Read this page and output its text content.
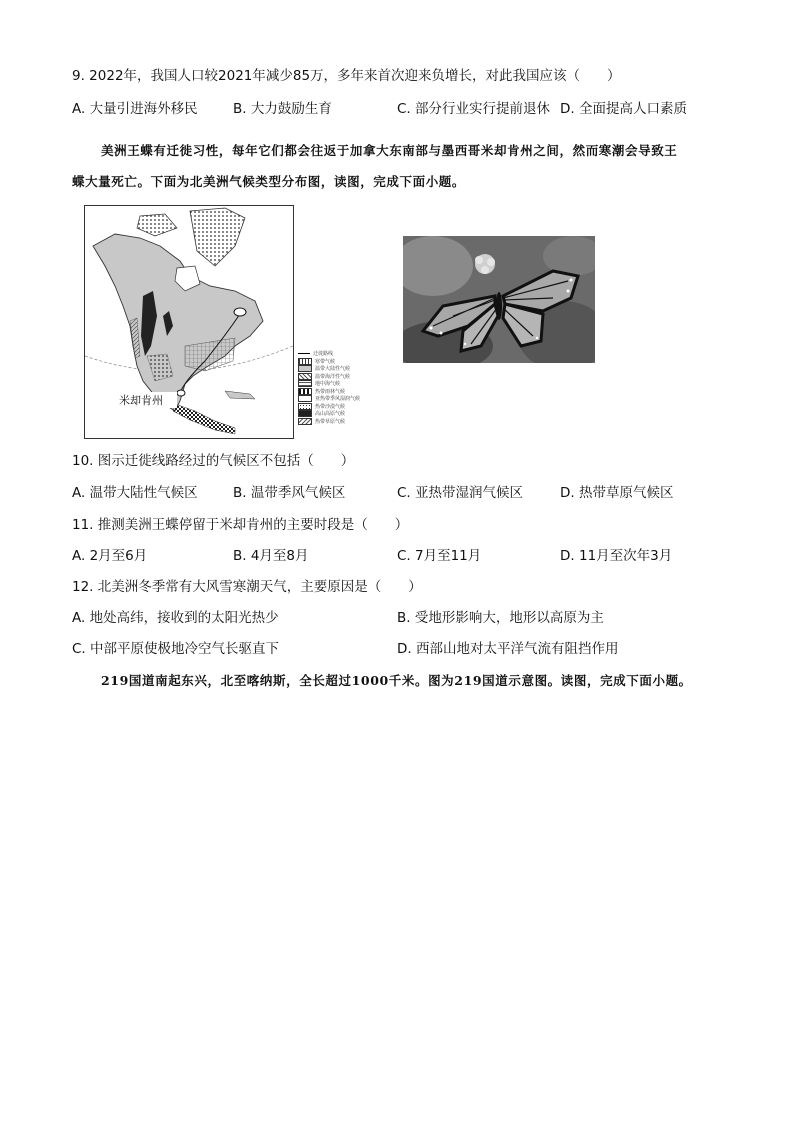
9. 2022年，我国人口较2021年减少85万，多年来首次迎来负增长，对此我国应该（　　）
A. 大量引进海外移民	B. 大力鼓励生育	C. 部分行业实行提前退休 D. 全面提高人口素质
美洲王蝶有迁徙习性，每年它们都会往返于加拿大东南部与墨西哥米却肯州之间，然而寒潮会导致王
蝶大量死亡。下面为北美洲气候类型分布图，读图，完成下面小题。
米却肯州
迁徙路线
寒带气候
温带大陆性气候
温带海洋性气候
地中海气候
热带雨林气候
亚热带季风湿润气候
热带沙漠气候
高山高原气候
热带草原气候
10. 图示迁徙线路经过的气候区不包括（　　）
A. 温带大陆性气候区	B. 温带季风气候区	C. 亚热带湿润气候区	D. 热带草原气候区
11. 推测美洲王蝶停留于米却肯州的主要时段是（　　）
A. 2月至6月	B. 4月至8月	C. 7月至11月	D. 11月至次年3月
12. 北美洲冬季常有大风雪寒潮天气，主要原因是（　　）
A. 地处高纬，接收到的太阳光热少	B. 受地形影响大，地形以高原为主
C. 中部平原使极地冷空气长驱直下	D. 西部山地对太平洋气流有阻挡作用
219国道南起东兴，北至喀纳斯，全长超过1000千米。图为219国道示意图。读图，完成下面小题。
